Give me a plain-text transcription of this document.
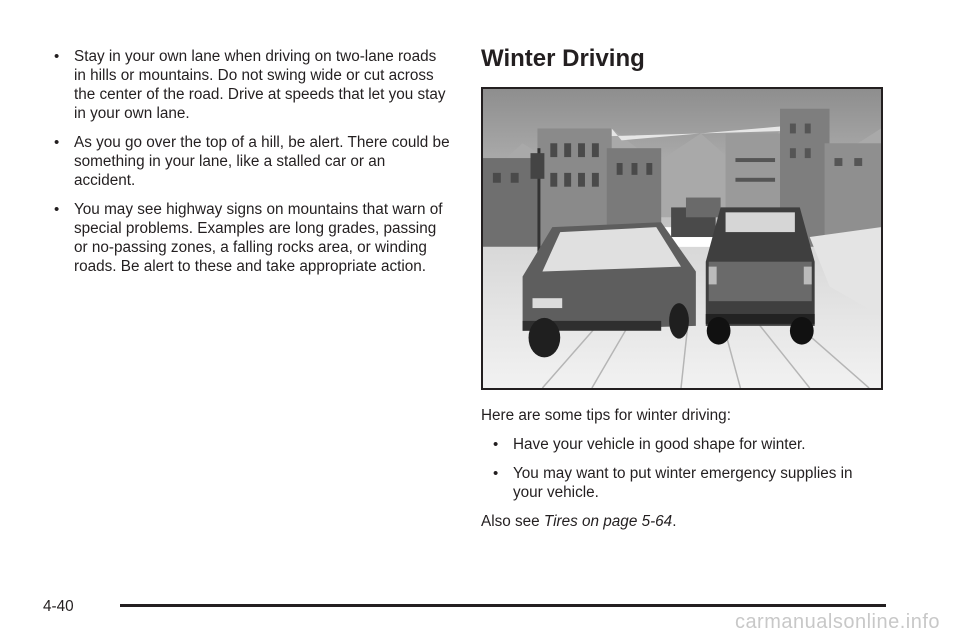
• Stay in your own lane when driving on two-lane roads in hills or mountains. Do not swing wide or cut across the center of the road. Drive at speeds that let you stay in your own lane.

• As you go over the top of a hill, be alert. There could be something in your lane, like a stalled car or an accident.

• You may see highway signs on mountains that warn of special problems. Examples are long grades, passing or no-passing zones, a falling rocks area, or winding roads. Be alert to these and take appropriate action.

Winter Driving

Here are some tips for winter driving:

• Have your vehicle in good shape for winter.

• You may want to put winter emergency supplies in your vehicle.

Also see Tires on page 5-64.

4-40
carmanualsonline.info
